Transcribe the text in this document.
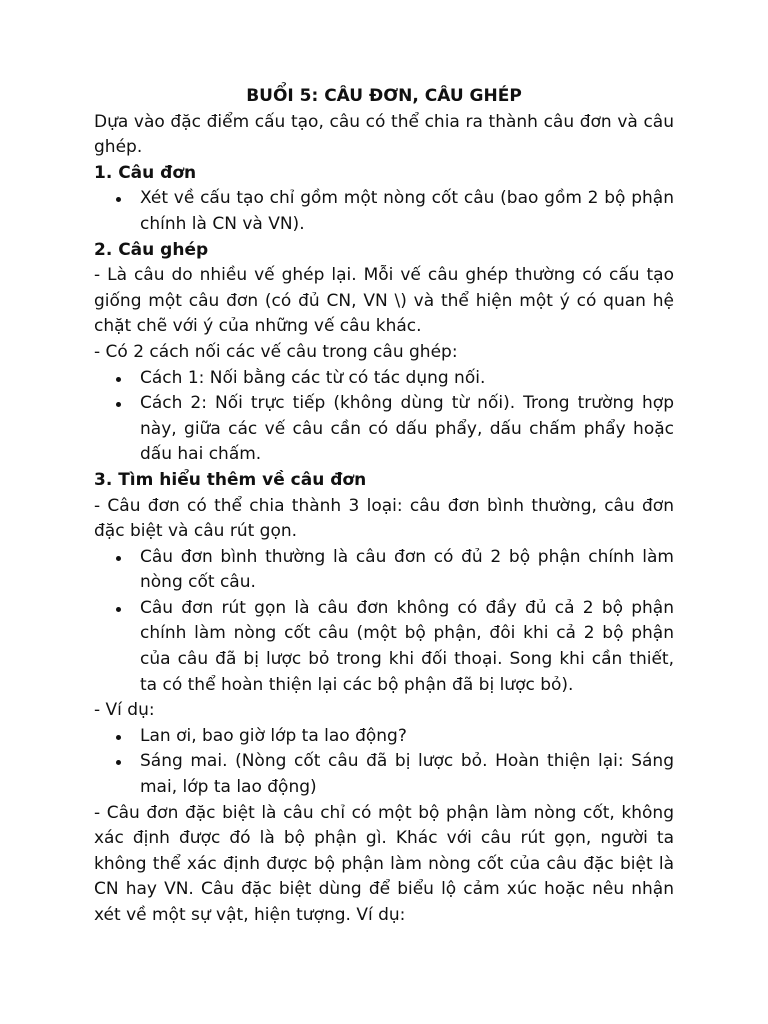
BUỔI 5: CÂU ĐƠN, CÂU GHÉP

Dựa vào đặc điểm cấu tạo, câu có thể chia ra thành câu đơn và câu ghép.

1. Câu đơn
Xét về cấu tạo chỉ gồm một nòng cốt câu (bao gồm 2 bộ phận chính là CN và VN).
2. Câu ghép

- Là câu do nhiều vế ghép lại. Mỗi vế câu ghép thường có cấu tạo giống một câu đơn (có đủ CN, VN \) và thể hiện một ý có quan hệ chặt chẽ với ý của những vế câu khác.

- Có 2 cách nối các vế câu trong câu ghép:

Cách 1: Nối bằng các từ có tác dụng nối.
Cách 2: Nối trực tiếp (không dùng từ nối). Trong trường hợp này, giữa các vế câu cần có dấu phẩy, dấu chấm phẩy hoặc dấu hai chấm.
3. Tìm hiểu thêm về câu đơn

- Câu đơn có thể chia thành 3 loại: câu đơn bình thường, câu đơn đặc biệt và câu rút gọn.

Câu đơn bình thường là câu đơn có đủ 2 bộ phận chính làm nòng cốt câu.
Câu đơn rút gọn là câu đơn không có đầy đủ cả 2 bộ phận chính làm nòng cốt câu (một bộ phận, đôi khi cả 2 bộ phận của câu đã bị lược bỏ trong khi đối thoại. Song khi cần thiết, ta có thể hoàn thiện lại các bộ phận đã bị lược bỏ).

- Ví dụ:

Lan ơi, bao giờ lớp ta lao động?
Sáng mai. (Nòng cốt câu đã bị lược bỏ. Hoàn thiện lại: Sáng mai, lớp ta lao động)

- Câu đơn đặc biệt là câu chỉ có một bộ phận làm nòng cốt, không xác định được đó là bộ phận gì. Khác với câu rút gọn, người ta không thể xác định được bộ phận làm nòng cốt của câu đặc biệt là CN hay VN. Câu đặc biệt dùng để biểu lộ cảm xúc hoặc nêu nhận xét về một sự vật, hiện tượng. Ví dụ:
